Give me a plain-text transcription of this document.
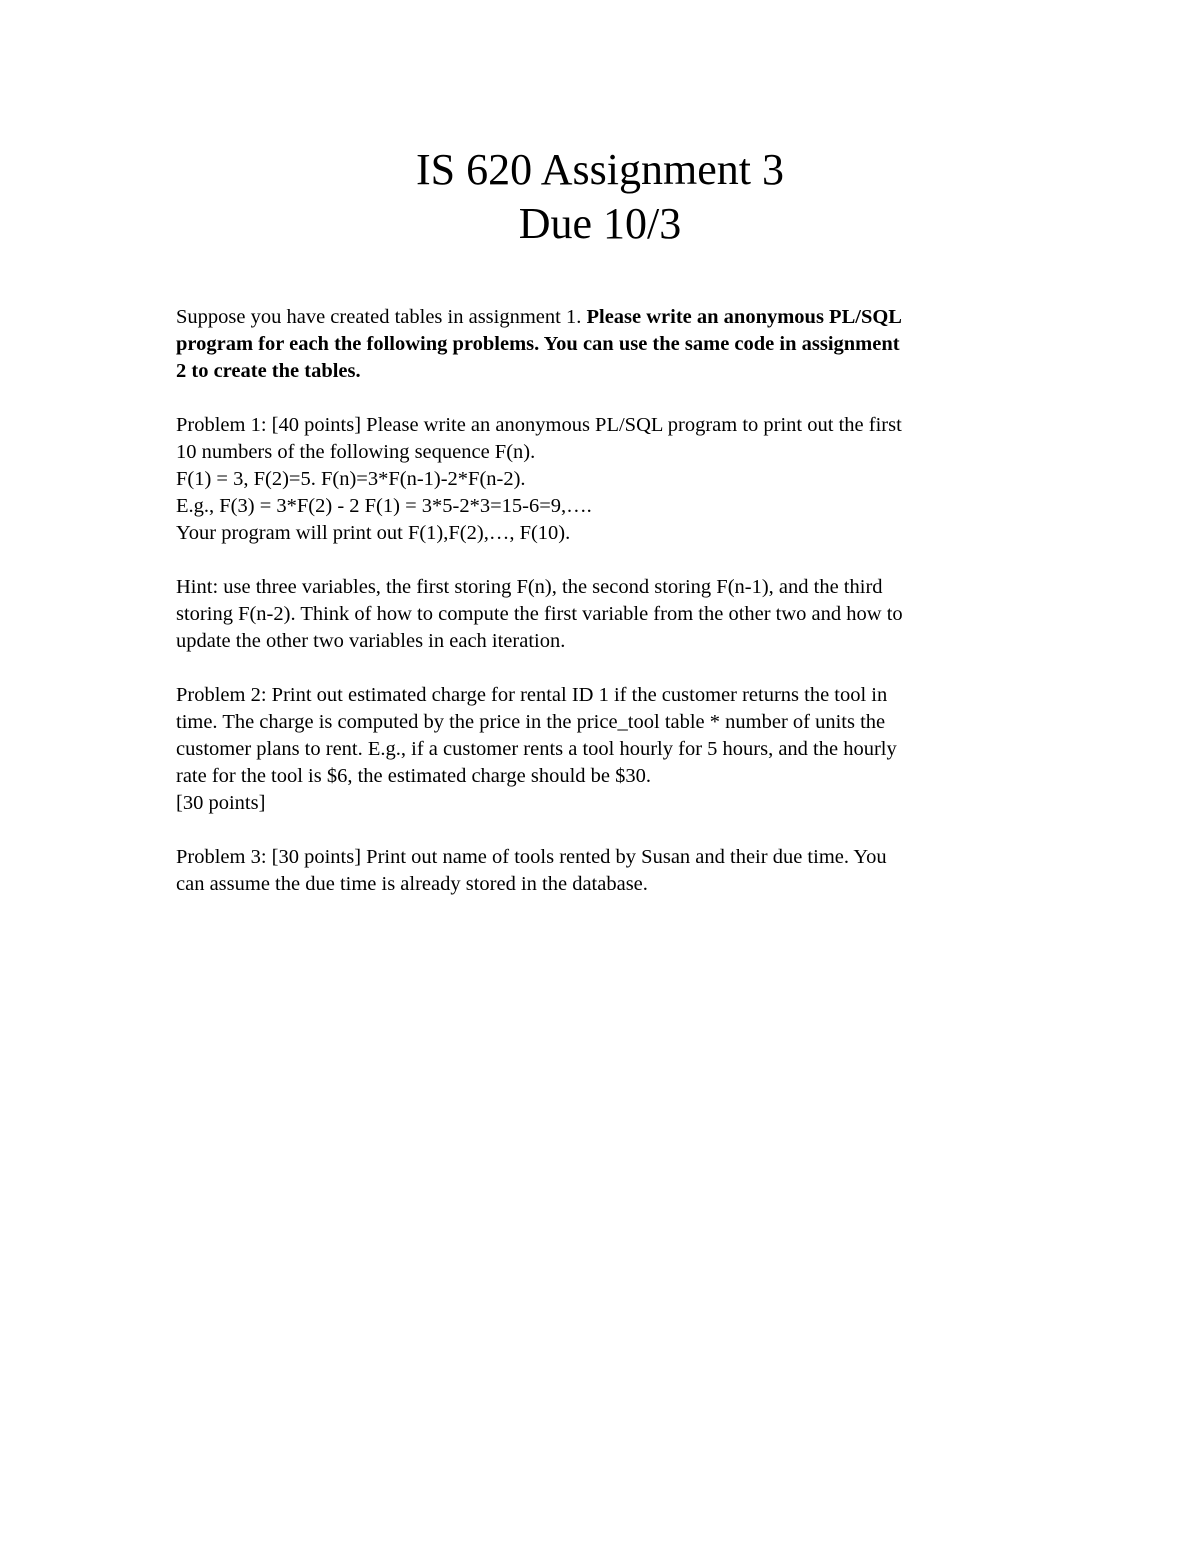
IS 620 Assignment 3
Due 10/3

Suppose you have created tables in assignment 1. Please write an anonymous PL/SQL
program for each the following problems. You can use the same code in assignment
2 to create the tables.

Problem 1: [40 points] Please write an anonymous PL/SQL program to print out the first
10 numbers of the following sequence F(n).
F(1) = 3, F(2)=5. F(n)=3*F(n-1)-2*F(n-2).
E.g., F(3) = 3*F(2) - 2 F(1) = 3*5-2*3=15-6=9,….
Your program will print out F(1),F(2),…, F(10).

Hint: use three variables, the first storing F(n), the second storing F(n-1), and the third
storing F(n-2). Think of how to compute the first variable from the other two and how to
update the other two variables in each iteration.

Problem 2: Print out estimated charge for rental ID 1 if the customer returns the tool in
time. The charge is computed by the price in the price_tool table * number of units the
customer plans to rent. E.g., if a customer rents a tool hourly for 5 hours, and the hourly
rate for the tool is $6, the estimated charge should be $30.
[30 points]

Problem 3: [30 points] Print out name of tools rented by Susan and their due time. You
can assume the due time is already stored in the database.
